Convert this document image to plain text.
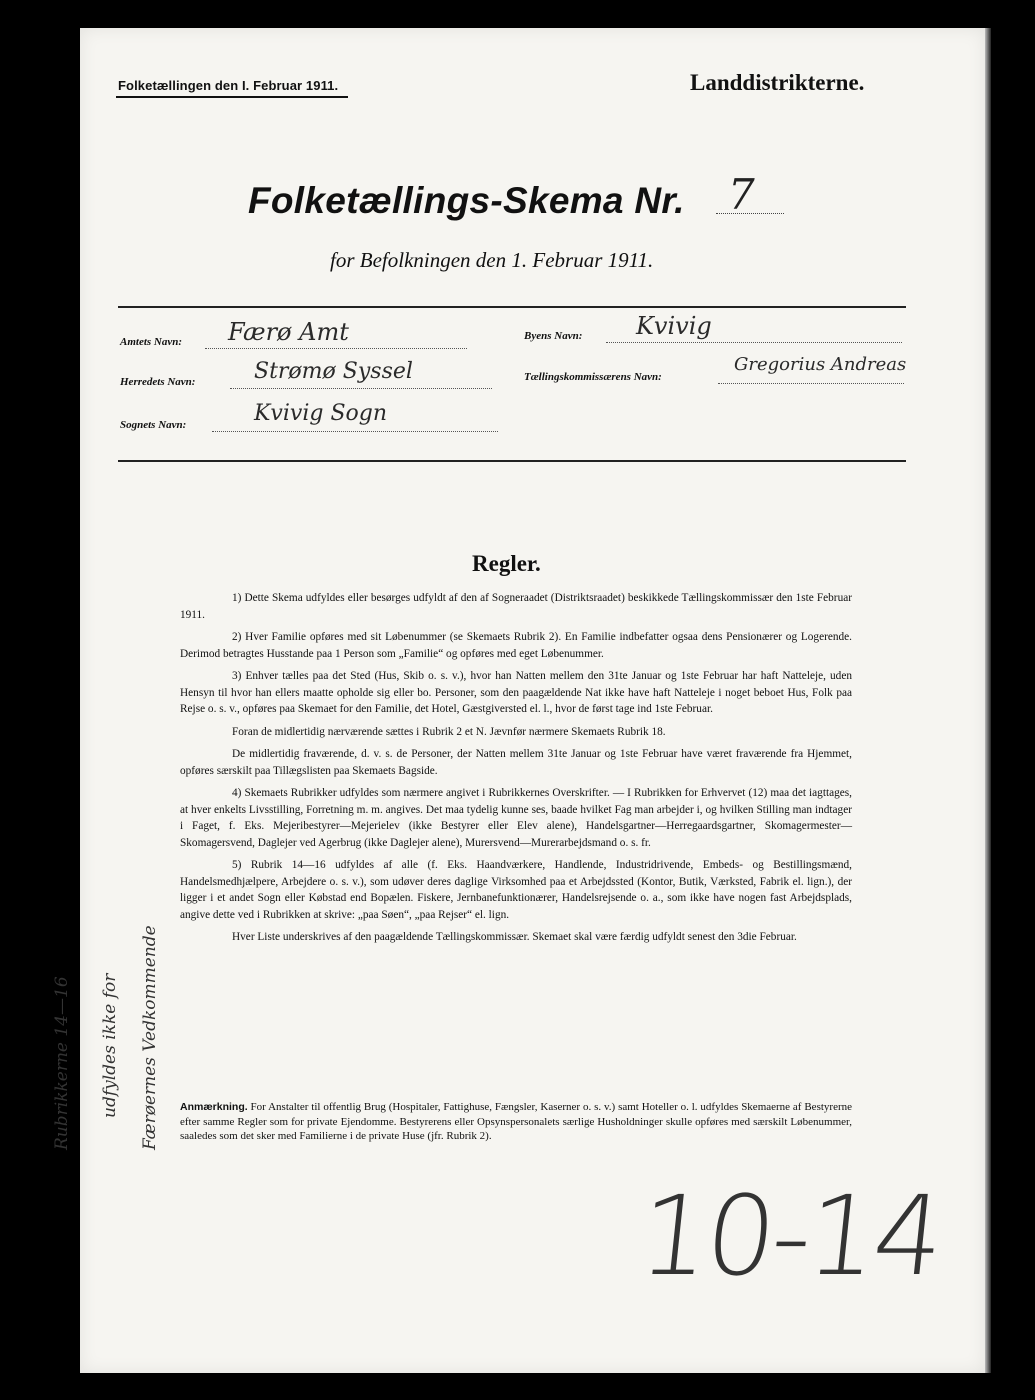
Folketællingen den I. Februar 1911.	Landdistrikterne.
Folketællings-Skema Nr. 7
for Befolkningen den 1. Februar 1911.
Amtets Navn: Færø Amt	Byens Navn: Kvivig
Herredets Navn:	Strømø Syssel	Tællingskommissærens Navn:
Gregorius Andreas
Sognets Navn:	Kvivig Sogn
Regler.

1) Dette Skema udfyldes eller besørges udfyldt af den af Sogneraadet (Distriktsraadet) beskikkede Tællingskommissær den 1ste Februar 1911.

2) Hver Familie opføres med sit Løbenummer (se Skemaets Rubrik 2). En Familie indbefatter ogsaa dens Pensionærer og Logerende. Derimod betragtes Husstande paa 1 Person som „Familie“ og opføres med eget Løbenummer.

3) Enhver tælles paa det Sted (Hus, Skib o. s. v.), hvor han Natten mellem den 31te Januar og 1ste Februar har haft Natteleje, uden Hensyn til hvor han ellers maatte opholde sig eller bo. Personer, som den paagældende Nat ikke have haft Natteleje i noget beboet Hus, Folk paa Rejse o. s. v., opføres paa Skemaet for den Familie, det Hotel, Gæstgiversted el. l., hvor de først tage ind 1ste Februar.

Foran de midlertidig nærværende sættes i Rubrik 2 et N. Jævnfør nærmere Skemaets Rubrik 18.

De midlertidig fraværende, d. v. s. de Personer, der Natten mellem 31te Januar og 1ste Februar have været fraværende fra Hjemmet, opføres særskilt paa Tillægslisten paa Skemaets Bagside.

4) Skemaets Rubrikker udfyldes som nærmere angivet i Rubrikkernes Overskrifter. — I Rubrikken for Erhvervet (12) maa det iagttages, at hver enkelts Livsstilling, Forretning m. m. angives. Det maa tydelig kunne ses, baade hvilket Fag man arbejder i, og hvilken Stilling man indtager i Faget, f. Eks. Mejeribestyrer—Mejerielev (ikke Bestyrer eller Elev alene), Handelsgartner—Herregaardsgartner, Skomagermester—Skomagersvend, Daglejer ved Agerbrug (ikke Daglejer alene), Murersvend—Murerarbejdsmand o. s. fr.

5) Rubrik 14—16 udfyldes af alle (f. Eks. Haandværkere, Handlende, Industridrivende, Embeds- og Bestillingsmænd, Handelsmedhjælpere, Arbejdere o. s. v.), som udøver deres daglige Virksomhed paa et Arbejdssted (Kontor, Butik, Værksted, Fabrik el. lign.), der ligger i et andet Sogn eller Købstad end Bopælen. Fiskere, Jernbanefunktionærer, Handelsrejsende o. a., som ikke have nogen fast Arbejdsplads, angive dette ved i Rubrikken at skrive: „paa Søen“, „paa Rejser“ el. lign.

Hver Liste underskrives af den paagældende Tællingskommissær. Skemaet skal være færdig udfyldt senest den 3die Februar.

Anmærkning. For Anstalter til offentlig Brug (Hospitaler, Fattighuse, Fængsler, Kaserner o. s. v.) samt Hoteller o. l. udfyldes Skemaerne af Bestyrerne efter samme Regler som for private Ejendomme. Bestyrerens eller Opsynspersonalets særlige Husholdninger skulle opføres med særskilt Løbenummer, saaledes som det sker med Familierne i de private Huse (jfr. Rubrik 2).
Rubrikkerne 14—16 udfyldes ikke for Færøernes Vedkommende
10-14
